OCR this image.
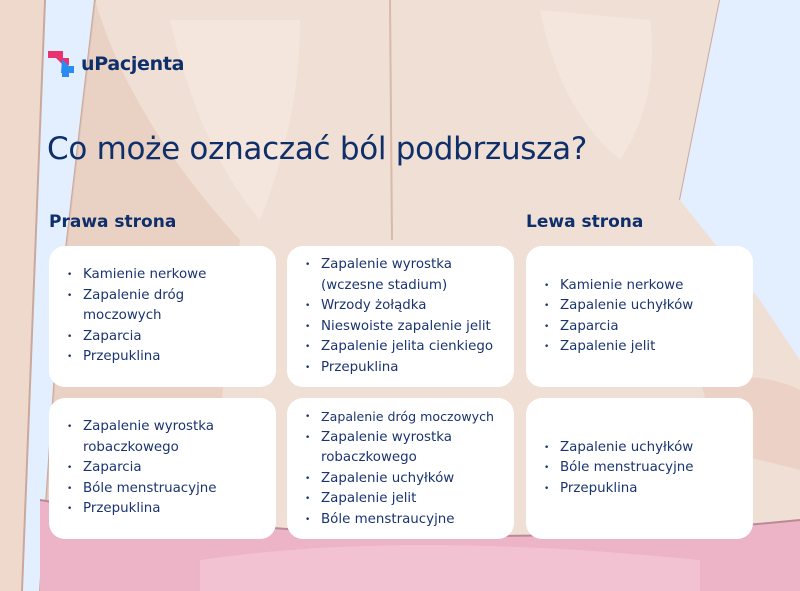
uPacjenta
Co może oznaczać ból podbrzusza?
Prawa strona	Lewa strona
• Kamienie nerkowe
• Zapalenie dróg moczowych
• Zaparcia
• Przepuklina
• Zapalenie wyrostka (wczesne stadium)
• Wrzody żołądka
• Nieswoiste zapalenie jelit
• Zapalenie jelita cienkiego
• Przepuklina
• Kamienie nerkowe
• Zapalenie uchyłków
• Zaparcia
• Zapalenie jelit
• Zapalenie wyrostka robaczkowego
• Zaparcia
• Bóle menstruacyjne
• Przepuklina
• Zapalenie dróg moczowych
• Zapalenie wyrostka robaczkowego
• Zapalenie uchyłków
• Zapalenie jelit
• Bóle menstraucyjne
• Zapalenie uchyłków
• Bóle menstruacyjne
• Przepuklina
